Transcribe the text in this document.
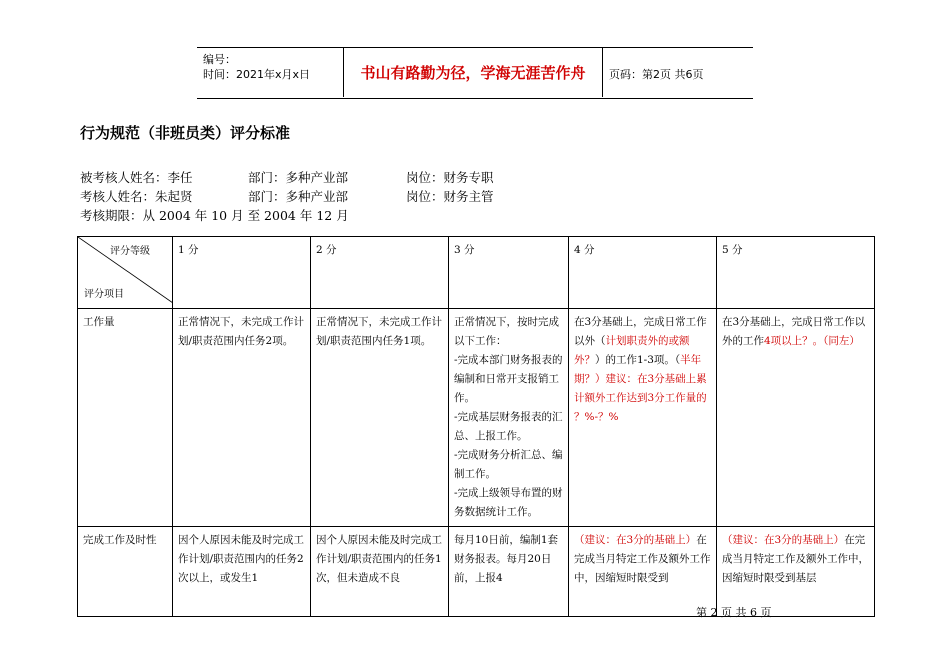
编号：
时间：2021年x月x日	书山有路勤为径，学海无涯苦作舟	页码：第2页 共6页
行为规范（非班员类）评分标准
被考核人姓名：李任	部门：多种产业部	岗位：财务专职
考核人姓名：朱起贤	部门：多种产业部	岗位：财务主管
考核期限：从 2004 年 10 月 至 2004 年 12 月
评分等级
评分项目	1 分	2 分	3 分	4 分	5 分
工作量	正常情况下，未完成工作计划/职责范围内任务2项。	正常情况下，未完成工作计划/职责范围内任务1项。	正常情况下，按时完成以下工作：
-完成本部门财务报表的编制和日常开支报销工作。
-完成基层财务报表的汇总、上报工作。
-完成财务分析汇总、编制工作。
-完成上级领导布置的财务数据统计工作。	在3分基础上，完成日常工作以外（计划职责外的或额外？）的工作1-3项。（半年期？）建议：在3分基础上累计额外工作达到3分工作量的 ？%-？%	在3分基础上，完成日常工作以外的工作4项以上？。（同左）
完成工作及时性	因个人原因未能及时完成工作计划/职责范围内的任务2次以上，或发生1	因个人原因未能及时完成工作计划/职责范围内的任务1次，但未造成不良	每月10日前，编制1套财务报表。每月20日前，上报4	（建议：在3分的基础上）在完成当月特定工作及额外工作中，因缩短时限受到	（建议：在3分的基础上）在完成当月特定工作及额外工作中，因缩短时限受到基层
第 2 页 共 6 页
